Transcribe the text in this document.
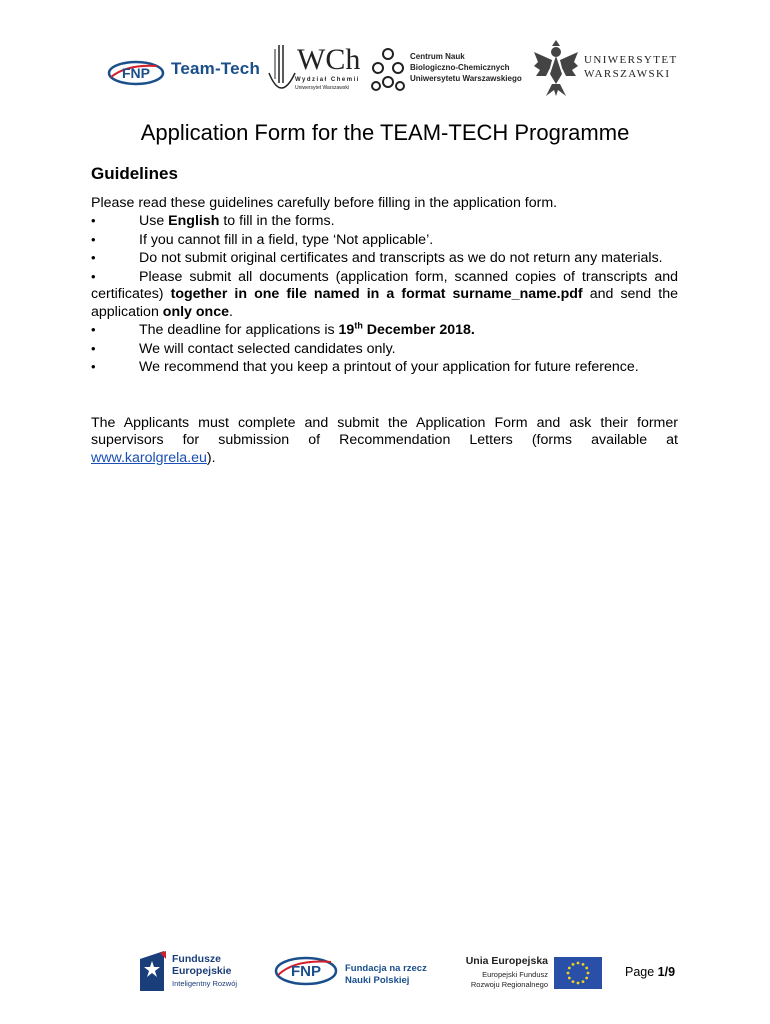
FNP Team-Tech WCh
Wydział Chemii
Uniwersytet Warszawski
Centrum Nauk
Biologiczno-Chemicznych
Uniwersytetu Warszawskiego
UNIWERSYTET
WARSZAWSKI
Application Form for the TEAM-TECH Programme
Guidelines

Please read these guidelines carefully before filling in the application form.

•Use English to fill in the forms.
•If you cannot fill in a field, type ‘Not applicable’.
•Do not submit original certificates and transcripts as we do not return any materials.
•Please submit all documents (application form, scanned copies of transcripts and certificates) together in one file named in a format surname_name.pdf and send the application only once.
•The deadline for applications is 19th December 2018.
•We will contact selected candidates only.
•We recommend that you keep a printout of your application for future reference.

The Applicants must complete and submit the Application Form and ask their former supervisors for submission of Recommendation Letters (forms available at www.karolgrela.eu).

Fundusze
Europejskie
Inteligentny Rozwój
FNP	Fundacja na rzecz
Nauki Polskiej
Unia Europejska
Europejski Fundusz
Rozwoju Regionalnego
Page 1/9
